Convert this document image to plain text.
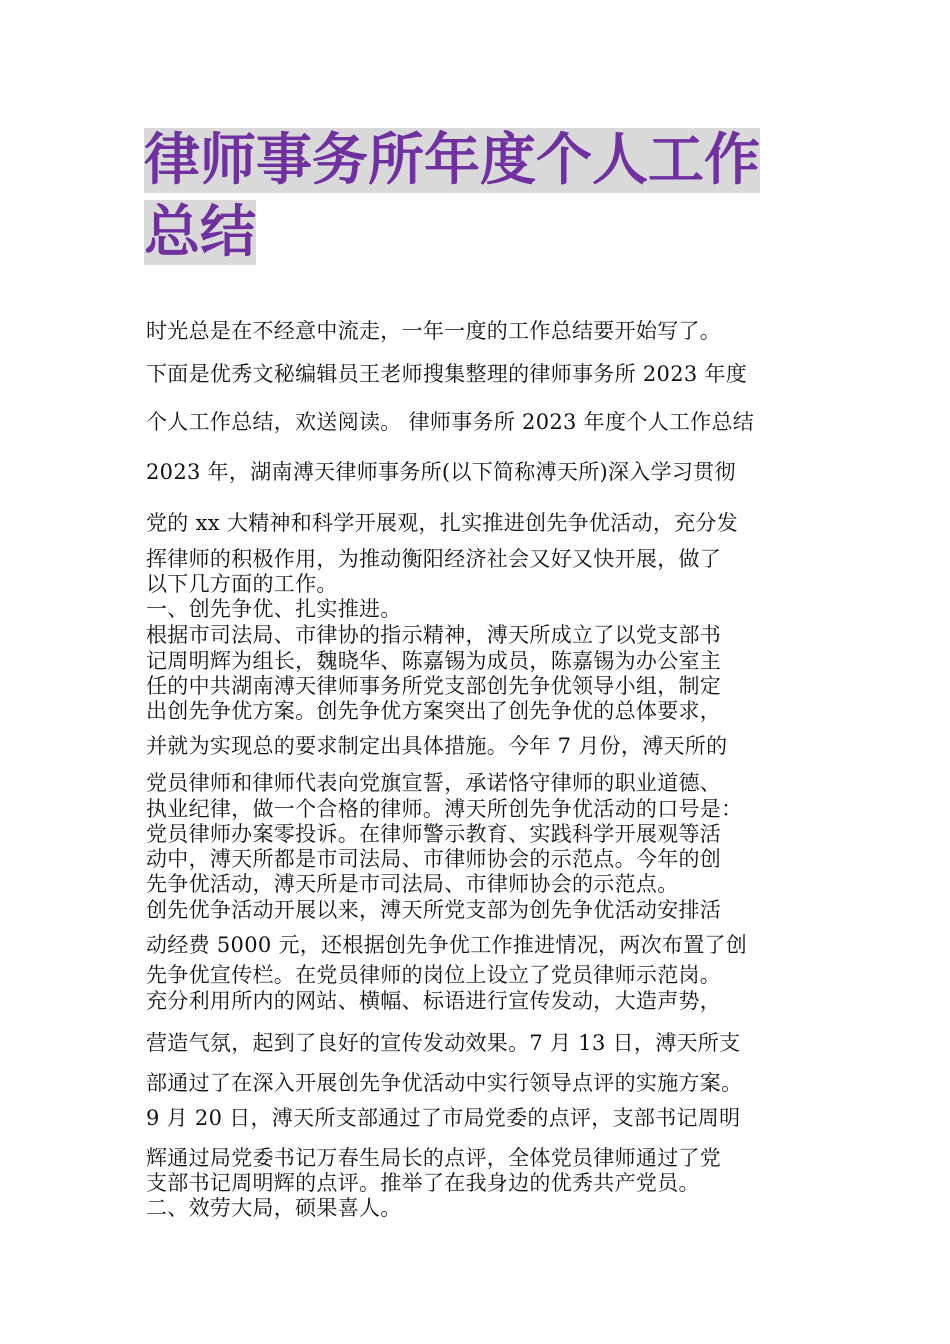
律师事务所年度个人工作
总结
时光总是在不经意中流走，一年一度的工作总结要开始写了。
下面是优秀文秘编辑员王老师搜集整理的律师事务所 2023 年度
个人工作总结，欢送阅读。 律师事务所 2023 年度个人工作总结
2023 年，湖南溥天律师事务所(以下简称溥天所)深入学习贯彻
党的 xx 大精神和科学开展观，扎实推进创先争优活动，充分发
挥律师的积极作用，为推动衡阳经济社会又好又快开展，做了
以下几方面的工作。
一、创先争优、扎实推进。
根据市司法局、市律协的指示精神，溥天所成立了以党支部书
记周明辉为组长，魏晓华、陈嘉锡为成员，陈嘉锡为办公室主
任的中共湖南溥天律师事务所党支部创先争优领导小组，制定
出创先争优方案。创先争优方案突出了创先争优的总体要求，
并就为实现总的要求制定出具体措施。今年 7 月份，溥天所的
党员律师和律师代表向党旗宣誓，承诺恪守律师的职业道德、
执业纪律，做一个合格的律师。溥天所创先争优活动的口号是：
党员律师办案零投诉。在律师警示教育、实践科学开展观等活
动中，溥天所都是市司法局、市律师协会的示范点。今年的创
先争优活动，溥天所是市司法局、市律师协会的示范点。
创先优争活动开展以来，溥天所党支部为创先争优活动安排活
动经费 5000 元，还根据创先争优工作推进情况，两次布置了创
先争优宣传栏。在党员律师的岗位上设立了党员律师示范岗。
充分利用所内的网站、横幅、标语进行宣传发动，大造声势，
营造气氛，起到了良好的宣传发动效果。7 月 13 日，溥天所支
部通过了在深入开展创先争优活动中实行领导点评的实施方案。
9 月 20 日，溥天所支部通过了市局党委的点评，支部书记周明
辉通过局党委书记万春生局长的点评，全体党员律师通过了党
支部书记周明辉的点评。推举了在我身边的优秀共产党员。
二、效劳大局，硕果喜人。
